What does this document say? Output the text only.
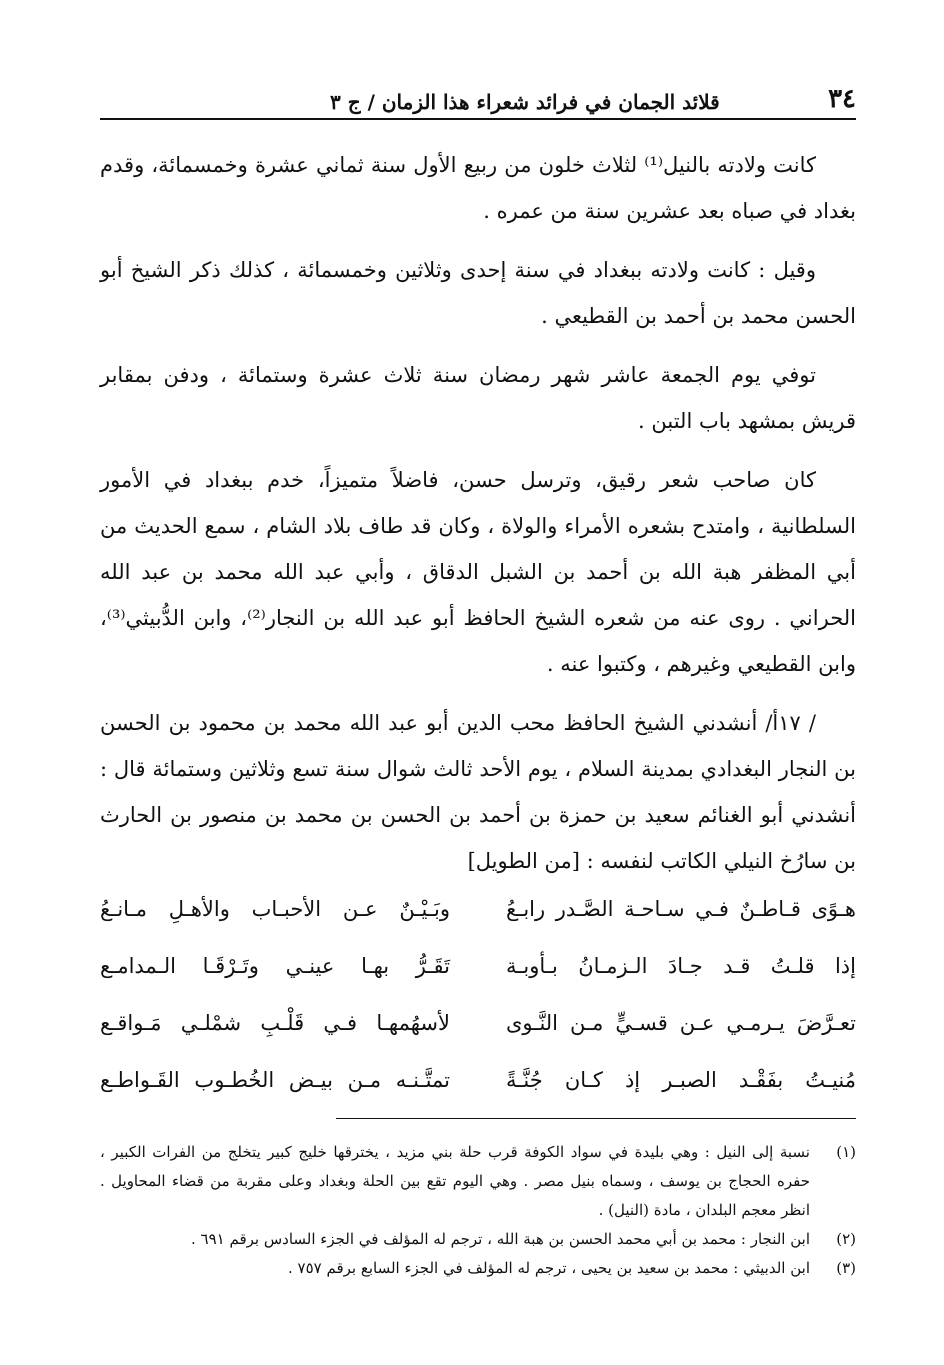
٣٤
قلائد الجمان في فرائد شعراء هذا الزمان / ج ٣

كانت ولادته بالنيل⁽¹⁾ لثلاث خلون من ربيع الأول سنة ثماني عشرة وخمسمائة، وقدم بغداد في صباه بعد عشرين سنة من عمره .

وقيل : كانت ولادته ببغداد في سنة إحدى وثلاثين وخمسمائة ، كذلك ذكر الشيخ أبو الحسن محمد بن أحمد بن القطيعي .

توفي يوم الجمعة عاشر شهر رمضان سنة ثلاث عشرة وستمائة ، ودفن بمقابر قريش بمشهد باب التبن .

كان صاحب شعر رقيق، وترسل حسن، فاضلاً متميزاً، خدم ببغداد في الأمور السلطانية ، وامتدح بشعره الأمراء والولاة ، وكان قد طاف بلاد الشام ، سمع الحديث من أبي المظفر هبة الله بن أحمد بن الشبل الدقاق ، وأبي عبد الله محمد بن عبد الله الحراني . روى عنه من شعره الشيخ الحافظ أبو عبد الله بن النجار⁽²⁾، وابن الدُّبيثي⁽³⁾، وابن القطيعي وغيرهم ، وكتبوا عنه .

/ ١٧أ/ أنشدني الشيخ الحافظ محب الدين أبو عبد الله محمد بن محمود بن الحسن بن النجار البغدادي بمدينة السلام ، يوم الأحد ثالث شوال سنة تسع وثلاثين وستمائة قال : أنشدني أبو الغنائم سعيد بن حمزة بن أحمد بن الحسن بن محمد بن منصور بن الحارث بن سارُخ النيلي الكاتب لنفسه : [من الطويل]

هـوًى قـاطـنٌ فـي سـاحـة الصَّـدر رابـعُ
وبَـيْـنٌ عـن الأحبـاب والأهـلِ مـانـعُ
إذا قلـتُ قـد جـادَ الـزمـانُ بـأوبـة
تَقَـرُّ بهـا عينـي وتَـرْقَـا الـمدامـع
تعـرَّضَ يـرمـي عـن قسـيٍّ مـن النَّـوى
لأسهُمهـا فـي قَلْـبِ شمْلـي مَـواقـع
مُنيـتُ بفَقْـد الصبـر إذ كـان جُنَّـةً
تمتَّـنـه مـن بيـض الخُطـوب القَـواطـع
(١)
نسبة إلى النيل : وهي بليدة في سواد الكوفة قرب حلة بني مزيد ، يخترقها خليج كبير يتخلج من الفرات الكبير ، حفره الحجاج بن يوسف ، وسماه بنيل مصر . وهي اليوم تقع بين الحلة وبغداد وعلى مقربة من قضاء المحاويل . انظر معجم البلدان ، مادة (النيل) .
(٢)
ابن النجار : محمد بن أبي محمد الحسن بن هبة الله ، ترجم له المؤلف في الجزء السادس برقم ٦٩١ .
(٣)
ابن الدبيثي : محمد بن سعيد بن يحيى ، ترجم له المؤلف في الجزء السابع برقم ٧٥٧ .
